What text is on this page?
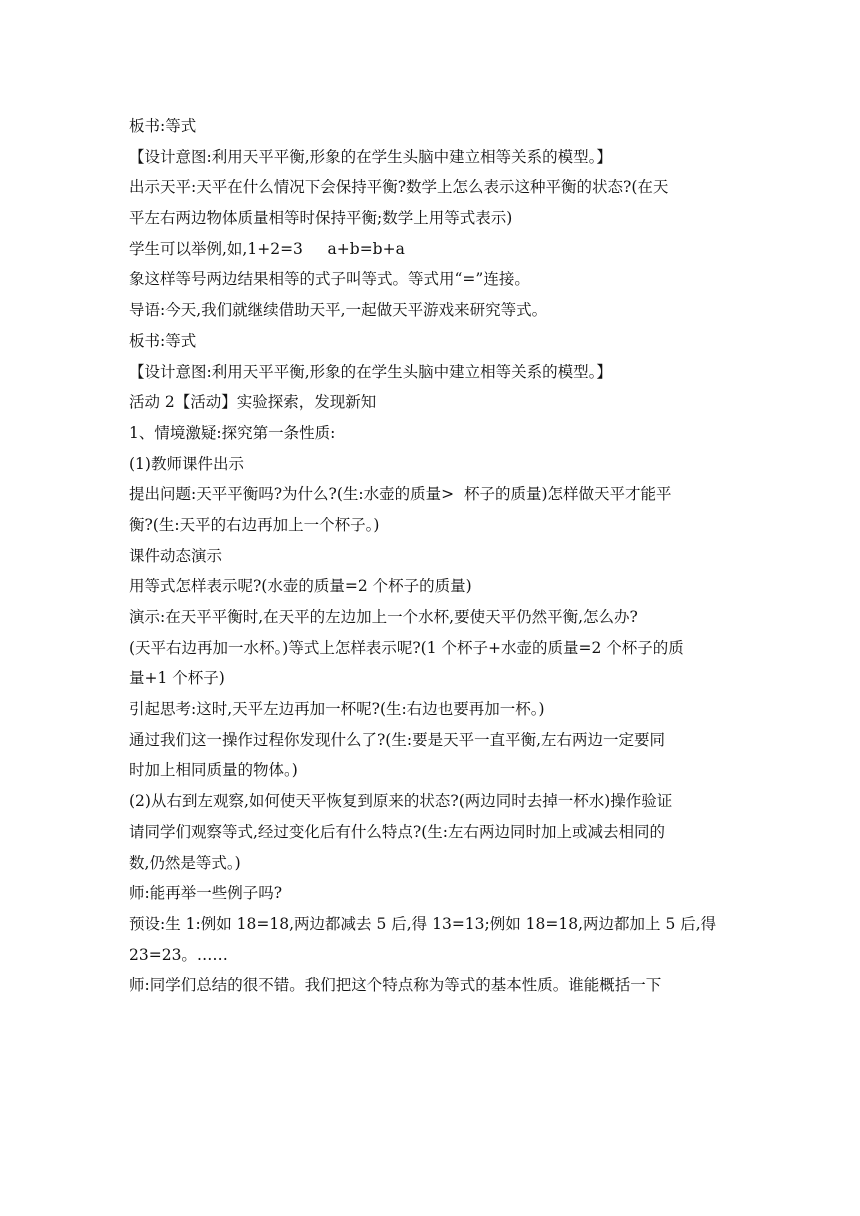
板书:等式
【设计意图:利用天平平衡,形象的在学生头脑中建立相等关系的模型。】
出示天平:天平在什么情况下会保持平衡?数学上怎么表示这种平衡的状态?(在天
平左右两边物体质量相等时保持平衡;数学上用等式表示)
学生可以举例,如,1+2=3     a+b=b+a
象这样等号两边结果相等的式子叫等式。等式用“=”连接。
导语:今天,我们就继续借助天平,一起做天平游戏来研究等式。
板书:等式
【设计意图:利用天平平衡,形象的在学生头脑中建立相等关系的模型。】
活动 2【活动】实验探索，发现新知
1、情境激疑:探究第一条性质:
(1)教师课件出示
提出问题:天平平衡吗?为什么?(生:水壶的质量>  杯子的质量)怎样做天平才能平
衡?(生:天平的右边再加上一个杯子。)
课件动态演示
用等式怎样表示呢?(水壶的质量=2 个杯子的质量)
演示:在天平平衡时,在天平的左边加上一个水杯,要使天平仍然平衡,怎么办?
(天平右边再加一水杯。)等式上怎样表示呢?(1 个杯子+水壶的质量=2 个杯子的质
量+1 个杯子)
引起思考:这时,天平左边再加一杯呢?(生:右边也要再加一杯。)
通过我们这一操作过程你发现什么了?(生:要是天平一直平衡,左右两边一定要同
时加上相同质量的物体。)
(2)从右到左观察,如何使天平恢复到原来的状态?(两边同时去掉一杯水)操作验证
请同学们观察等式,经过变化后有什么特点?(生:左右两边同时加上或减去相同的
数,仍然是等式。)
师:能再举一些例子吗?
预设:生 1:例如 18=18,两边都减去 5 后,得 13=13;例如 18=18,两边都加上 5 后,得
23=23。……
师:同学们总结的很不错。我们把这个特点称为等式的基本性质。谁能概括一下
